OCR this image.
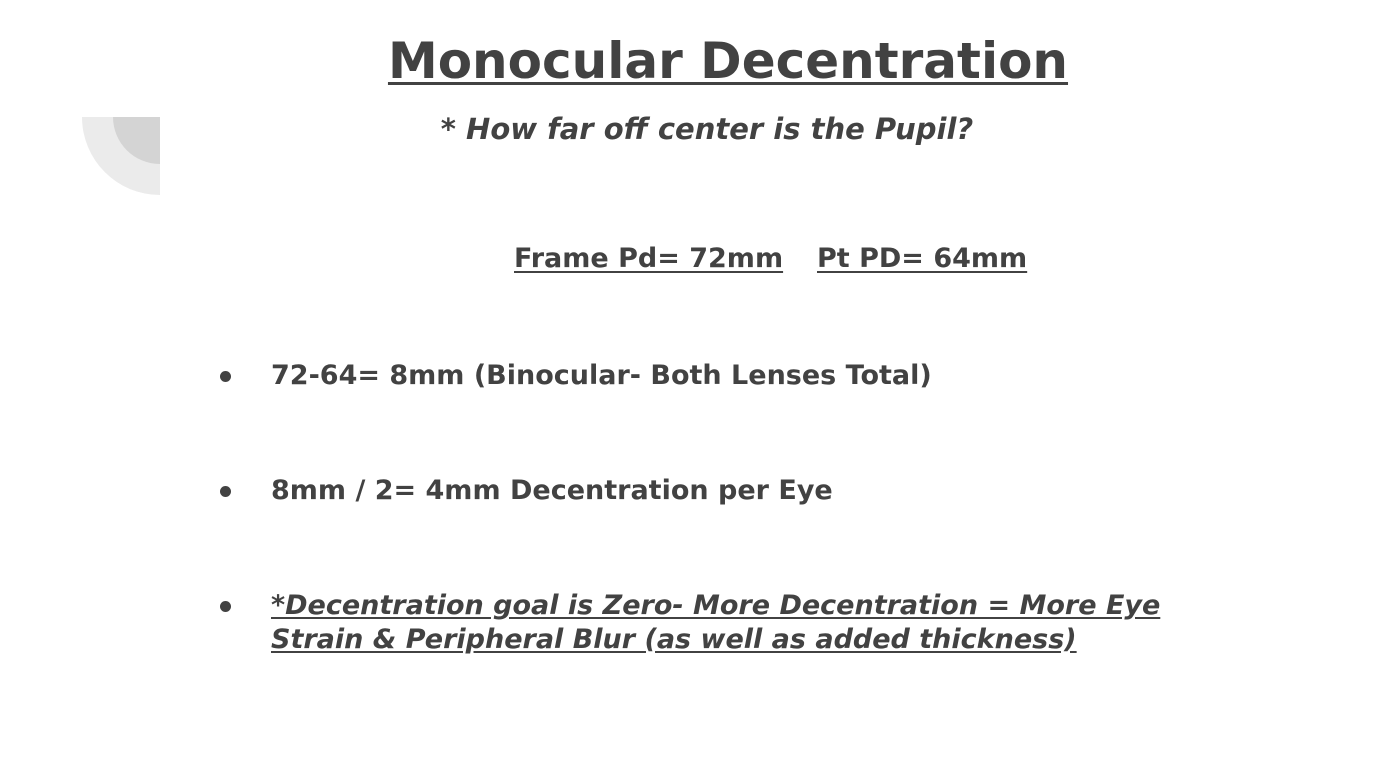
Monocular Decentration

* How far off center is the Pupil?

Frame Pd= 72mm Pt PD= 64mm
72-64= 8mm (Binocular- Both Lenses Total)
8mm / 2= 4mm Decentration per Eye
*Decentration goal is Zero- More Decentration = More Eye Strain & Peripheral Blur (as well as added thickness)
